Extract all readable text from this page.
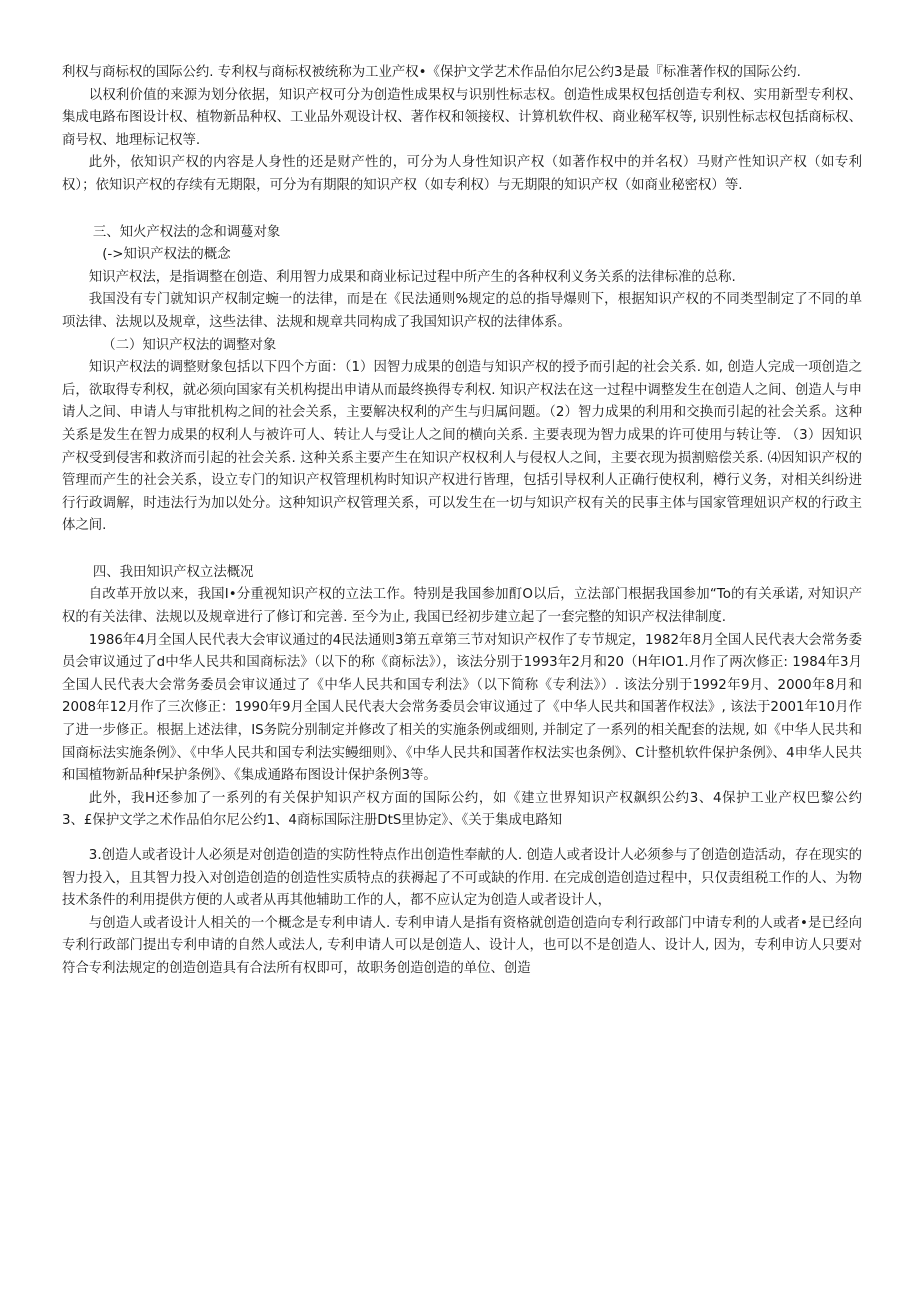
利权与商标权的国际公约. 专利权与商标权被统称为工业产权•《保护文学艺术作品伯尔尼公约3是最『标准著作权的国际公约.

以权利价值的来源为划分依据，知识产权可分为创造性成果权与识别性标志权。创造性成果权包括创造专利权、实用新型专利权、集成电路布图设计权、植物新品种权、工业品外观设计权、著作权和领接权、计算机软件权、商业秘军权等, 识别性标志权包括商标权、商号权、地理标记权等.

此外，依知识产权的内容是人身性的还是财产性的，可分为人身性知识产权（如著作权中的并名权）马财产性知识产权（如专利权）；依知识产权的存续有无期限，可分为有期限的知识产权（如专利权）与无期限的知识产权（如商业秘密权）等.

三、知火产权法的念和调蔓对象

(->知识产权法的概念

知识产权法，是指调整在创造、利用智力成果和商业标记过程中所产生的各种权利义务关系的法律标准的总称.

我国没有专门就知识产权制定蜿一的法律，而是在《民法通则%规定的总的指导爆则下，根据知识产权的不同类型制定了不同的单项法律、法规以及规章，这些法律、法规和规章共同构成了我国知识产权的法律体系。

（二）知识产权法的调整对象

知识产权法的调整财象包括以下四个方面：（1）因智力成果的创造与知识产权的授予而引起的社会关系. 如, 创造人完成一项创造之后，欲取得专利权，就必须向国家有关机构提出申请从而最终换得专利权. 知识产权法在这一过程中调整发生在创造人之间、创造人与申请人之间、申请人与审批机构之间的社会关系，主要解决权利的产生与归属问题。（2）智力成果的利用和交换而引起的社会关系。这种关系是发生在智力成果的权利人与被许可人、转让人与受让人之间的横向关系. 主要表现为智力成果的许可使用与转让等. （3）因知识产权受到侵害和救济而引起的社会关系. 这种关系主要产生在知识产权权利人与侵权人之间，主要衣现为损割赔偿关系. ⑷因知识产权的管理而产生的社会关系，设立专门的知识产权管理机构时知识产权进行皆理，包括引导权利人正确行使权利，樽行义务，对相关纠纷进行行政调解，时违法行为加以处分。这种知识产权管理关系，可以发生在一切与知识产权有关的民事主体与国家管理妞识产权的行政主体之间.

四、我田知识产权立法概况

自改革开放以来，我国I•分重视知识产权的立法工作。特别是我国参加酊O以后，立法部门根据我国参加“To的有关承诺, 对知识产权的有关法律、法规以及规章进行了修订和完善. 至今为止, 我国已经初步建立起了一套完整的知识产权法律制度.

1986年4月全国人民代表大会审议通过的4民法通则3第五章第三节对知识产权作了专节规定，1982年8月全国人民代表大会常务委员会审议通过了d中华人民共和国商标法》（以下的称《商标法》），该法分别于1993年2月和20（H年IO1.月作了两次修正: 1984年3月全国人民代表大会常务委员会审议通过了《中华人民共和国专利法》（以下简称《专利法》）. 该法分别于1992年9月、2000年8月和2008年12月作了三次修正：1990年9月全国人民代表大会常务委员会审议通过了《中华人民共和国著作权法》, 该法于2001年10月作了进一步修正。根据上述法律，IS务院分别制定并修改了相关的实施条例或细则, 并制定了一系列的相关配套的法规, 如《中华人民共和国商标法实施条例》、《中华人民共和国专利法实鳗细则》、《中华人民共和国著作权法实也条例》、C计整机软件保护条例》、4申华人民共和国植物新品种f呆护条例》、《集成通路布图设计保护条例3等。

此外，我H还参加了一系列的有关保护知识产权方面的国际公约，如《建立世界知识产权飙织公约3、4保护工业产权巴黎公约3、£保护文学之术作品伯尔尼公约1、4商标国际注册DtS里协定》、《关于集成电路知

3.创造人或者设计人必须是对创造创造的实防性特点作出创造性奉献的人. 创造人或者设计人必须参与了创造创造活动，存在现实的智力投入，且其智力投入对创造创造的创造性实质特点的获褥起了不可或缺的作用. 在完成创造创造过程中，只仅责组税工作的人、为物技术条件的利用提供方便的人或者从再其他辅助工作的人，都不应认定为创造人或者设计人，

与创造人或者设计人相关的一个概念是专利申请人. 专利申请人是指有资格就创造创造向专利行政部门中请专利的人或者•是已经向专利行政部门提出专利申请的自然人或法人, 专利申请人可以是创造人、设计人，也可以不是创造人、设计人, 因为，专利申访人只要对符合专利法规定的创造创造具有合法所有权即可，故职务创造创造的单位、创造
